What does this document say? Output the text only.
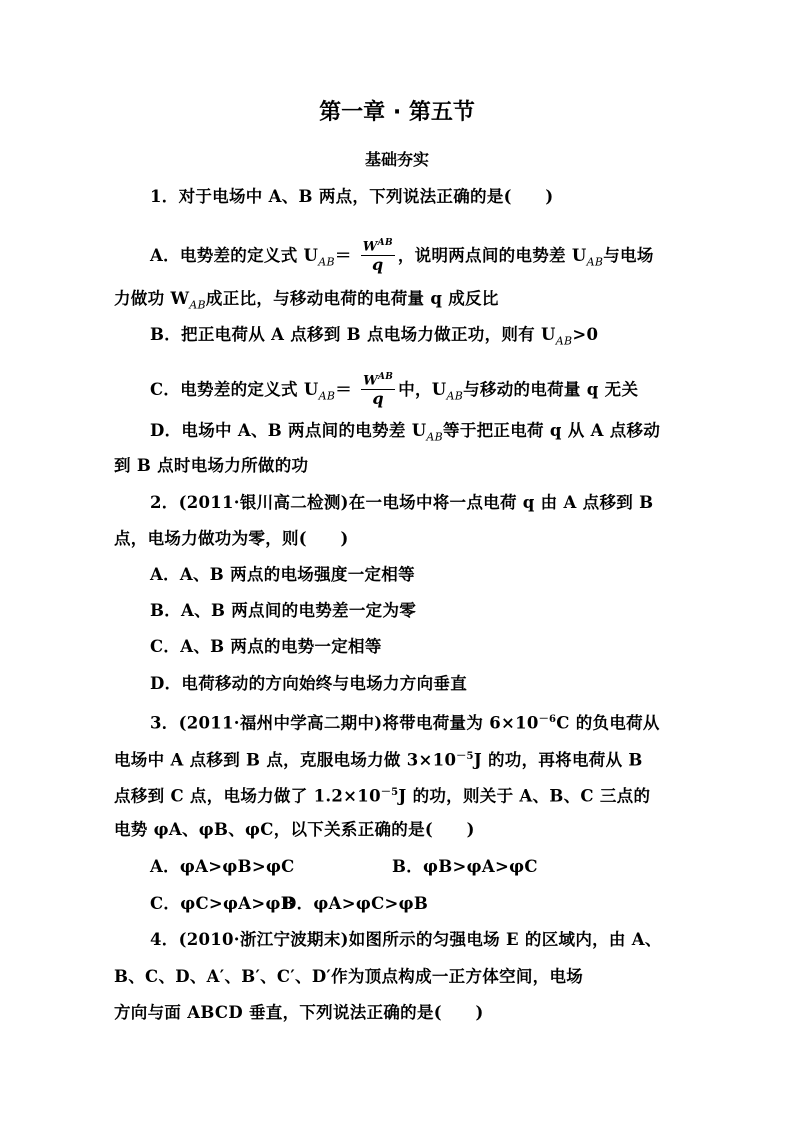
第一章 · 第五节
基础夯实
1．对于电场中 A、B 两点，下列说法正确的是(　　)
A．电势差的定义式 $U_{AB}= \frac{W^{AB}}{q}$ ，说明两点间的电势差 $U_{AB}$与电场
力做功 $W_{AB}$成正比，与移动电荷的电荷量 q 成反比
B．把正电荷从 A 点移到 B 点电场力做正功，则有 $U_{AB}>0$
C．电势差的定义式 $U_{AB}= \frac{W^{AB}}{q}$ 中，$U_{AB}$与移动的电荷量 q 无关
D．电场中 A、B 两点间的电势差 $U_{AB}$等于把正电荷 q 从 A 点移动
到 B 点时电场力所做的功
2．(2011·银川高二检测)在一电场中将一点电荷 q 由 A 点移到 B
点，电场力做功为零，则(　　)
A．A、B 两点的电场强度一定相等
B．A、B 两点间的电势差一定为零
C．A、B 两点的电势一定相等
D．电荷移动的方向始终与电场力方向垂直
3．(2011·福州中学高二期中)将带电荷量为 $6\times 10^{-6}C$ 的负电荷从
电场中 A 点移到 B 点，克服电场力做 $3\times 10^{-5}J$ 的功，再将电荷从 B
点移到 C 点，电场力做了 $1.2\times 10^{-5}J$ 的功，则关于 A、B、C 三点的
电势 φA、φB、φC，以下关系正确的是(　　)
A．φA>φB>φC	B．φB>φA>φC
C．φC>φA>φB
D．φA>φC>φB
4．(2010·浙江宁波期末)如图所示的匀强电场 E 的区域内，由 A、
B、C、D、A′、B′、C′、D′作为顶点构成一正方体空间，电场
方向与面 ABCD 垂直，下列说法正确的是(　　)
